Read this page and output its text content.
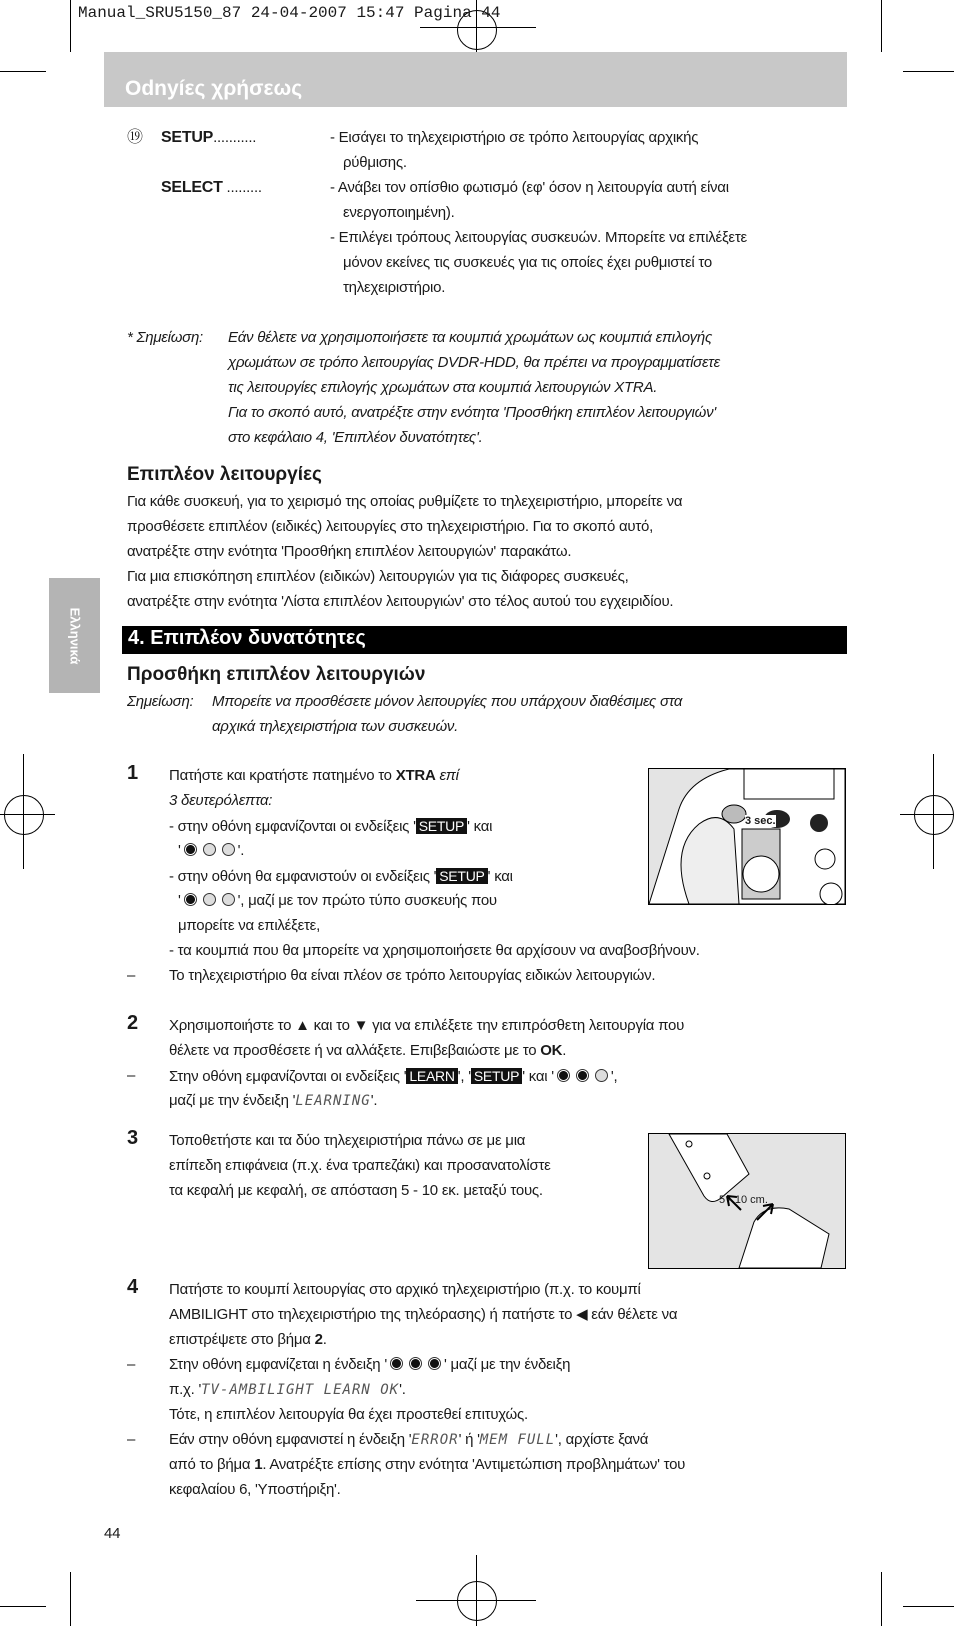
Manual_SRU5150_87 24-04-2007 15:47 Pagina 44
Odnyíες χρήσεως
⑲ SETUP...........	- Εισάγει το τηλεχειριστήριο σε τρόπο λειτουργίας αρχικής
ρύθμισης.
SELECT .........	- Ανάβει τον οπίσθιο φωτισμό (εφ' όσον η λειτουργία αυτή είναι
ενεργοποιημένη).
- Επιλέγει τρόπους λειτουργίας συσκευών. Μπορείτε να επιλέξετε
μόνον εκείνες τις συσκευές για τις οποίες έχει ρυθμιστεί το
τηλεχειριστήριο.
* Σημείωση: Εάν θέλετε να χρησιμοποιήσετε τα κουμπιά χρωμάτων ως κουμπιά επιλογής
χρωμάτων σε τρόπο λειτουργίας DVDR-HDD, θα πρέπει να προγραμματίσετε
τις λειτουργίες επιλογής χρωμάτων στα κουμπιά λειτουργιών XTRA.
Για το σκοπό αυτό, ανατρέξτε στην ενότητα 'Προσθήκη επιπλέον λειτουργιών'
στο κεφάλαιο 4, 'Επιπλέον δυνατότητες'.
Επιπλέον λειτουργίες
Για κάθε συσκευή, για το χειρισμό της οποίας ρυθμίζετε το τηλεχειριστήριο, μπορείτε να
προσθέσετε επιπλέον (ειδικές) λειτουργίες στο τηλεχειριστήριο. Για το σκοπό αυτό,
ανατρέξτε στην ενότητα 'Προσθήκη επιπλέον λειτουργιών' παρακάτω.
Για μια επισκόπηση επιπλέον (ειδικών) λειτουργιών για τις διάφορες συσκευές,
ανατρέξτε στην ενότητα 'Λίστα επιπλέον λειτουργιών' στο τέλος αυτού του εγχειριδίου.
Ελληνικά 4. Επιπλέον δυνατότητες
Προσθήκη επιπλέον λειτουργιών
Σημείωση: Μπορείτε να προσθέσετε μόνον λειτουργίες που υπάρχουν διαθέσιμες στα
αρχικά τηλεχειριστήρια των συσκευών.
1 Πατήστε και κρατήστε πατημένο το XTRA επί
3 δευτερόλεπτα:
- στην οθόνη εμφανίζονται οι ενδείξεις ' SETUP ' και
'	'.
- στην οθόνη θα εμφανιστούν οι ενδείξεις ' SETUP ' και
'	', μαζί με τον πρώτο τύπο συσκευής που
μπορείτε να επιλέξετε,
- τα κουμπιά που θα μπορείτε να χρησιμοποιήσετε θα αρχίσουν να αναβοσβήνουν.
– Το τηλεχειριστήριο θα είναι πλέον σε τρόπο λειτουργίας ειδικών λειτουργιών.
3 sec.
2 Χρησιμοποιήστε το ▲ και το ▼ για να επιλέξετε την επιπρόσθετη λειτουργία που
θέλετε να προσθέσετε ή να αλλάξετε. Επιβεβαιώστε με το OK.
– Στην οθόνη εμφανίζονται οι ενδείξεις ' LEARN ', ' SETUP ' και '	',
μαζί με την ένδειξη 'LEARNING'.
3 Τοποθετήστε και τα δύο τηλεχειριστήρια πάνω σε με μια
επίπεδη επιφάνεια (π.χ. ένα τραπεζάκι) και προσανατολίστε
τα κεφαλή με κεφαλή, σε απόσταση 5 - 10 εκ. μεταξύ τους.
5 - 10 cm.
4 Πατήστε το κουμπί λειτουργίας στο αρχικό τηλεχειριστήριο (π.χ. το κουμπί
AMBILIGHT στο τηλεχειριστήριο της τηλεόρασης) ή πατήστε το ◀ εάν θέλετε να
επιστρέψετε στο βήμα 2.
– Στην οθόνη εμφανίζεται η ένδειξη '	' μαζί με την ένδειξη
π.χ. 'TV-AMBILIGHT LEARN OK'.
Τότε, η επιπλέον λειτουργία θα έχει προστεθεί επιτυχώς.
– Εάν στην οθόνη εμφανιστεί η ένδειξη 'ERROR' ή 'MEM FULL', αρχίστε ξανά
από το βήμα 1. Ανατρέξτε επίσης στην ενότητα 'Αντιμετώπιση προβλημάτων' του
κεφαλαίου 6, 'Υποστήριξη'.
44
